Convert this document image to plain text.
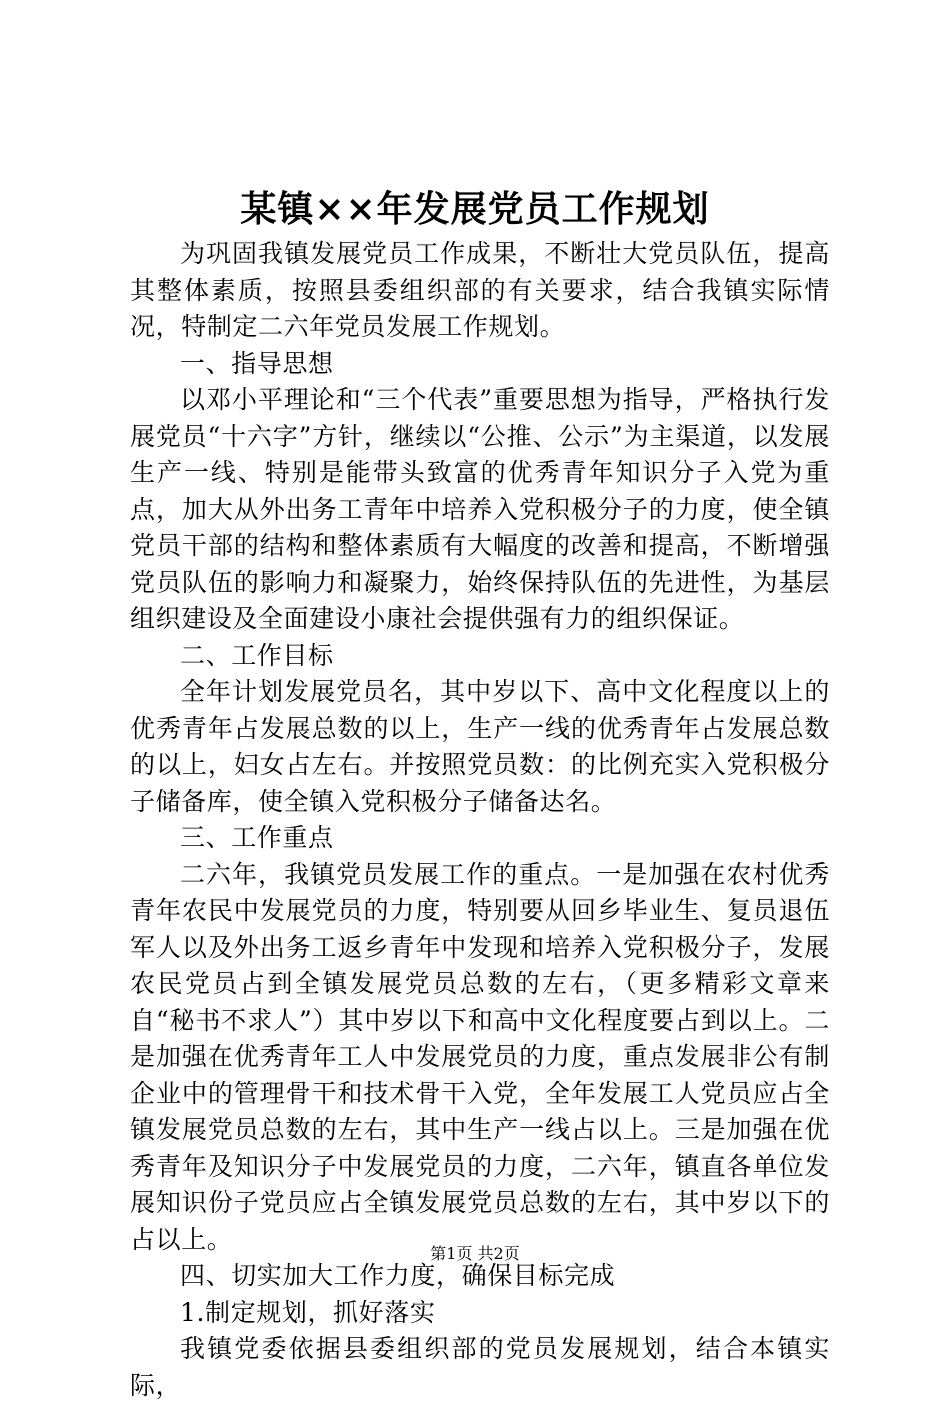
某镇××年发展党员工作规划

为巩固我镇发展党员工作成果，不断壮大党员队伍，提高其整体素质，按照县委组织部的有关要求，结合我镇实际情况，特制定二六年党员发展工作规划。

一、指导思想

以邓小平理论和“三个代表”重要思想为指导，严格执行发展党员“十六字”方针，继续以“公推、公示”为主渠道，以发展生产一线、特别是能带头致富的优秀青年知识分子入党为重点，加大从外出务工青年中培养入党积极分子的力度，使全镇党员干部的结构和整体素质有大幅度的改善和提高，不断增强党员队伍的影响力和凝聚力，始终保持队伍的先进性，为基层组织建设及全面建设小康社会提供强有力的组织保证。

二、工作目标

全年计划发展党员名，其中岁以下、高中文化程度以上的优秀青年占发展总数的以上，生产一线的优秀青年占发展总数的以上，妇女占左右。并按照党员数：的比例充实入党积极分子储备库，使全镇入党积极分子储备达名。

三、工作重点

二六年，我镇党员发展工作的重点。一是加强在农村优秀青年农民中发展党员的力度，特别要从回乡毕业生、复员退伍军人以及外出务工返乡青年中发现和培养入党积极分子，发展农民党员占到全镇发展党员总数的左右，（更多精彩文章来自“秘书不求人”）其中岁以下和高中文化程度要占到以上。二是加强在优秀青年工人中发展党员的力度，重点发展非公有制企业中的管理骨干和技术骨干入党，全年发展工人党员应占全镇发展党员总数的左右，其中生产一线占以上。三是加强在优秀青年及知识分子中发展党员的力度，二六年，镇直各单位发展知识份子党员应占全镇发展党员总数的左右，其中岁以下的占以上。

四、切实加大工作力度，确保目标完成

1.制定规划，抓好落实

我镇党委依据县委组织部的党员发展规划，结合本镇实际，

第1页 共2页
